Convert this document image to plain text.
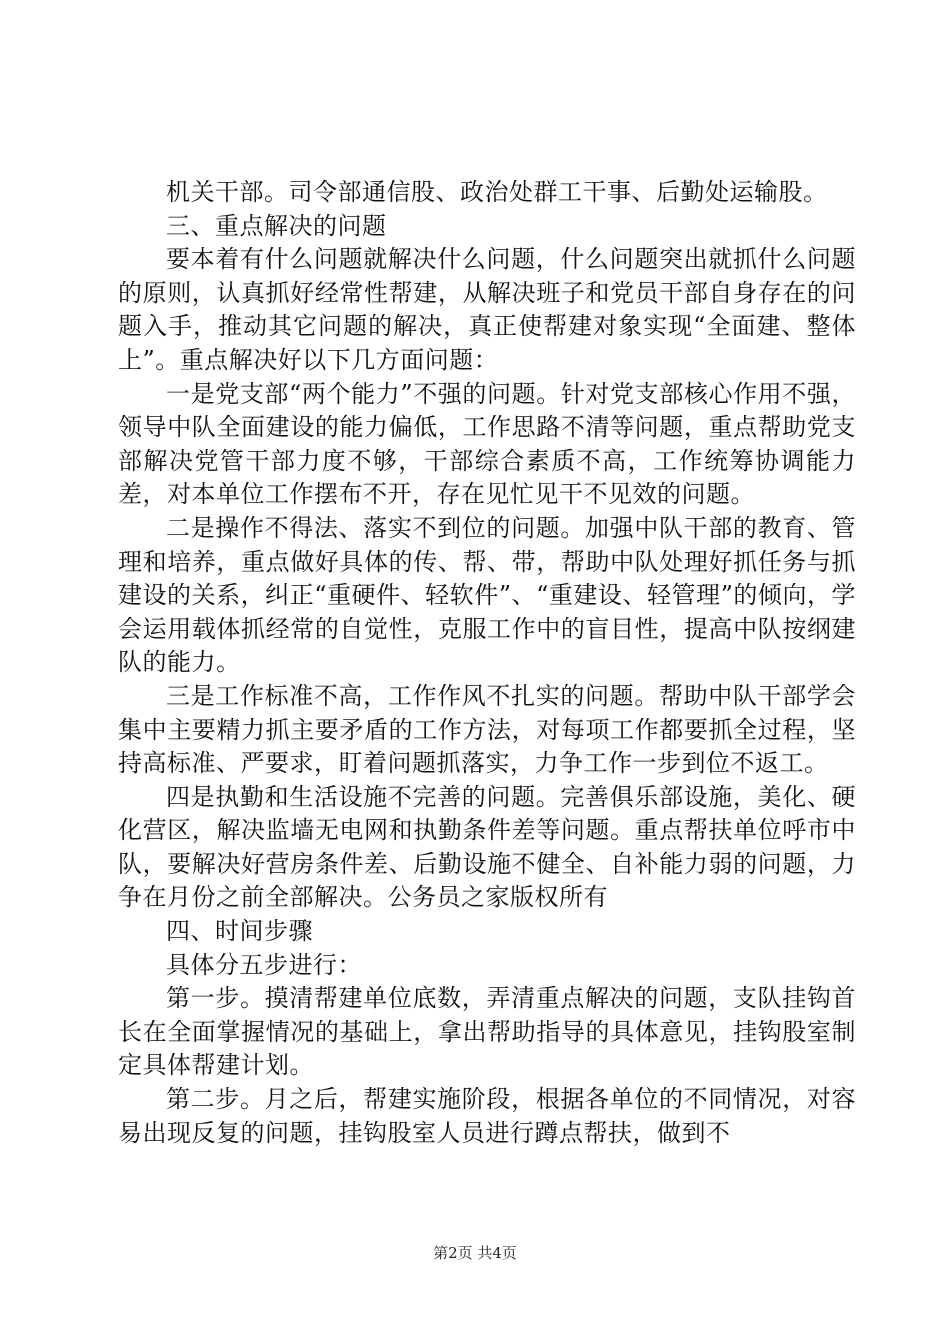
机关干部。司令部通信股、政治处群工干事、后勤处运输股。

三、重点解决的问题

要本着有什么问题就解决什么问题，什么问题突出就抓什么问题的原则，认真抓好经常性帮建，从解决班子和党员干部自身存在的问题入手，推动其它问题的解决，真正使帮建对象实现“全面建、整体上”。重点解决好以下几方面问题：

一是党支部“两个能力”不强的问题。针对党支部核心作用不强，领导中队全面建设的能力偏低，工作思路不清等问题，重点帮助党支部解决党管干部力度不够，干部综合素质不高，工作统筹协调能力差，对本单位工作摆布不开，存在见忙见干不见效的问题。

二是操作不得法、落实不到位的问题。加强中队干部的教育、管理和培养，重点做好具体的传、帮、带，帮助中队处理好抓任务与抓建设的关系，纠正“重硬件、轻软件”、“重建设、轻管理”的倾向，学会运用载体抓经常的自觉性，克服工作中的盲目性，提高中队按纲建队的能力。

三是工作标准不高，工作作风不扎实的问题。帮助中队干部学会集中主要精力抓主要矛盾的工作方法，对每项工作都要抓全过程，坚持高标准、严要求，盯着问题抓落实，力争工作一步到位不返工。

四是执勤和生活设施不完善的问题。完善俱乐部设施，美化、硬化营区，解决监墙无电网和执勤条件差等问题。重点帮扶单位呼市中队，要解决好营房条件差、后勤设施不健全、自补能力弱的问题，力争在月份之前全部解决。公务员之家版权所有

四、时间步骤

具体分五步进行：

第一步。摸清帮建单位底数，弄清重点解决的问题，支队挂钩首长在全面掌握情况的基础上，拿出帮助指导的具体意见，挂钩股室制定具体帮建计划。

第二步。月之后，帮建实施阶段，根据各单位的不同情况，对容易出现反复的问题，挂钩股室人员进行蹲点帮扶，做到不

第2页 共4页
